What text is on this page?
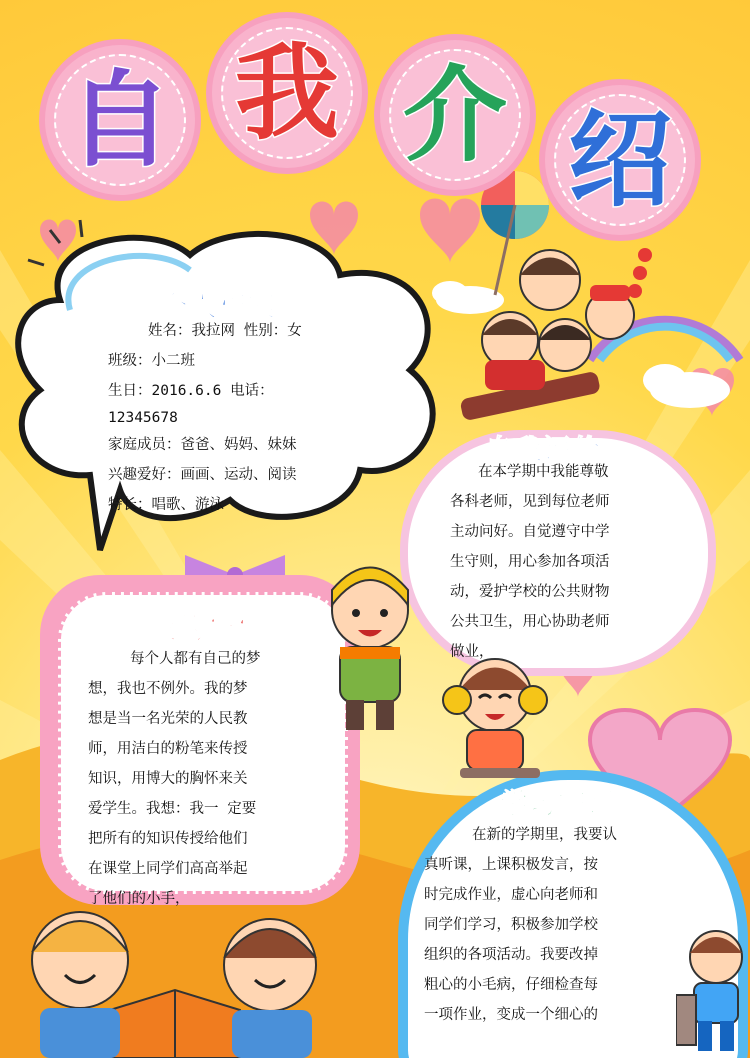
自 我 介 绍
个人档案

姓名：我拉网 性别：女

班级：小二班

生日：2016.6.6 电话：

12345678

家庭成员：爸爸、妈妈、妹妹

兴趣爱好：画画、运动、阅读

特长：唱歌、游泳

自我评价

在本学期中我能尊敬

各科老师，见到每位老师

主动问好。自觉遵守中学

生守则，用心参加各项活

动，爱护学校的公共财物

公共卫生，用心协助老师

做业，

我的梦想

每个人都有自己的梦

想，我也不例外。我的梦

想是当一名光荣的人民教

师，用洁白的粉笔来传授

知识，用博大的胸怀来关

爱学生。我想：我一 定要

把所有的知识传授给他们

在课堂上同学们高高举起

了他们的小手，

学习寄语

在新的学期里，我要认

真听课，上课积极发言，按

时完成作业，虚心向老师和

同学们学习，积极参加学校

组织的各项活动。我要改掉

粗心的小毛病，仔细检查每

一项作业，变成一个细心的
